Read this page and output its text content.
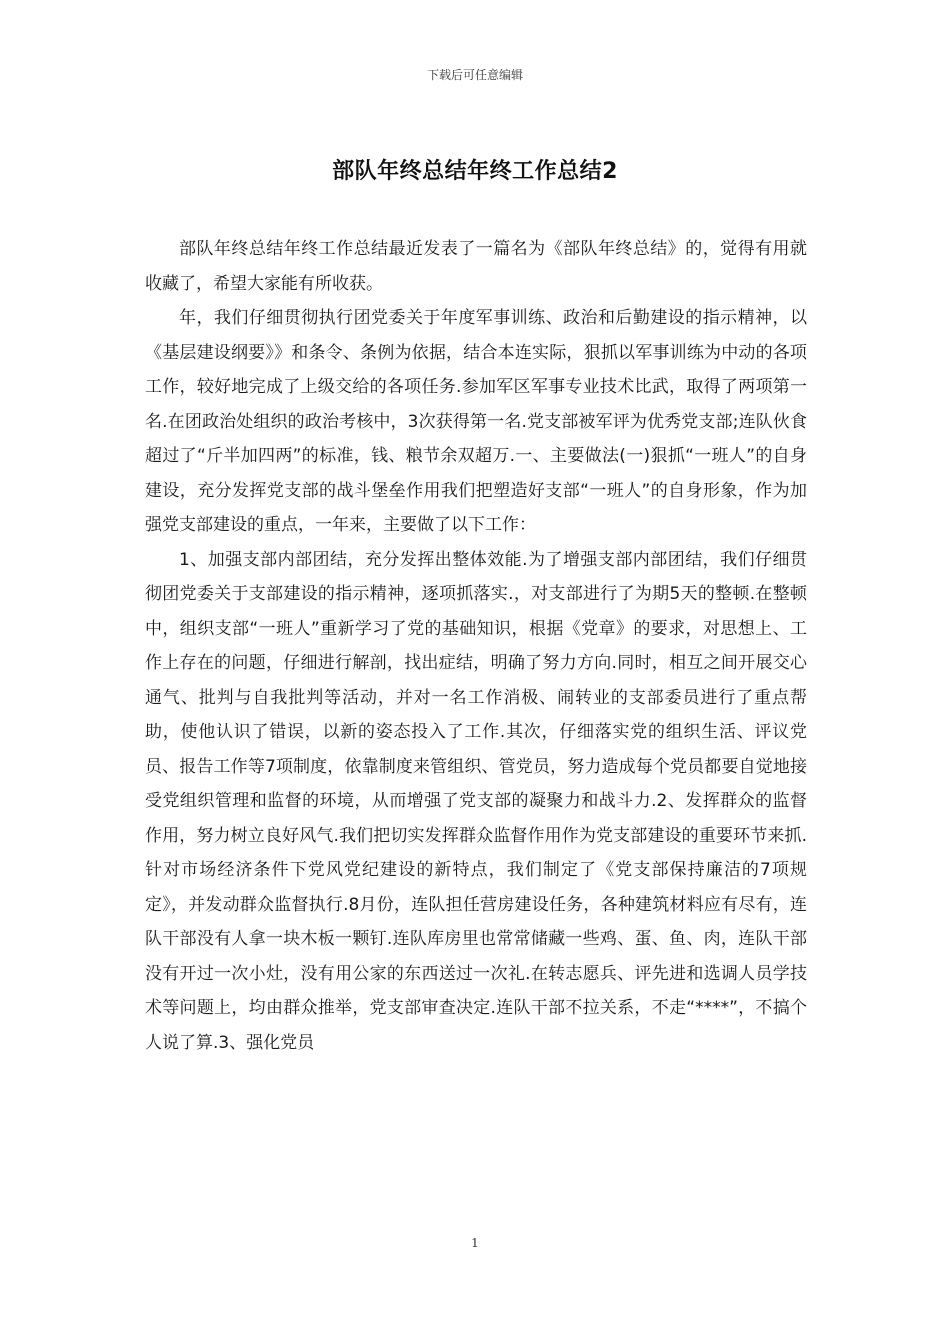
下载后可任意编辑
部队年终总结年终工作总结2

部队年终总结年终工作总结最近发表了一篇名为《部队年终总结》的，觉得有用就收藏了，希望大家能有所收获。

年，我们仔细贯彻执行团党委关于年度军事训练、政治和后勤建设的指示精神，以《基层建设纲要》》和条令、条例为依据，结合本连实际，狠抓以军事训练为中动的各项工作，较好地完成了上级交给的各项任务.参加军区军事专业技术比武，取得了两项第一名.在团政治处组织的政治考核中，3次获得第一名.党支部被军评为优秀党支部;连队伙食超过了“斤半加四两”的标准，钱、粮节余双超万.一、主要做法(一)狠抓“一班人”的自身建设，充分发挥党支部的战斗堡垒作用我们把塑造好支部“一班人”的自身形象，作为加强党支部建设的重点，一年来，主要做了以下工作：

1、加强支部内部团结，充分发挥出整体效能.为了增强支部内部团结，我们仔细贯彻团党委关于支部建设的指示精神，逐项抓落实.，对支部进行了为期5天的整顿.在整顿中，组织支部“一班人”重新学习了党的基础知识，根据《党章》的要求，对思想上、工作上存在的问题，仔细进行解剖，找出症结，明确了努力方向.同时，相互之间开展交心通气、批判与自我批判等活动，并对一名工作消极、闹转业的支部委员进行了重点帮助，使他认识了错误，以新的姿态投入了工作.其次，仔细落实党的组织生活、评议党员、报告工作等7项制度，依靠制度来管组织、管党员，努力造成每个党员都要自觉地接受党组织管理和监督的环境，从而增强了党支部的凝聚力和战斗力.2、发挥群众的监督作用，努力树立良好风气.我们把切实发挥群众监督作用作为党支部建设的重要环节来抓.针对市场经济条件下党风党纪建设的新特点，我们制定了《党支部保持廉洁的7项规定》，并发动群众监督执行.8月份，连队担任营房建设任务，各种建筑材料应有尽有，连队干部没有人拿一块木板一颗钉.连队库房里也常常储藏一些鸡、蛋、鱼、肉，连队干部没有开过一次小灶，没有用公家的东西送过一次礼.在转志愿兵、评先进和选调人员学技术等问题上，均由群众推举，党支部审查决定.连队干部不拉关系，不走“****”，不搞个人说了算.3、强化党员

1
